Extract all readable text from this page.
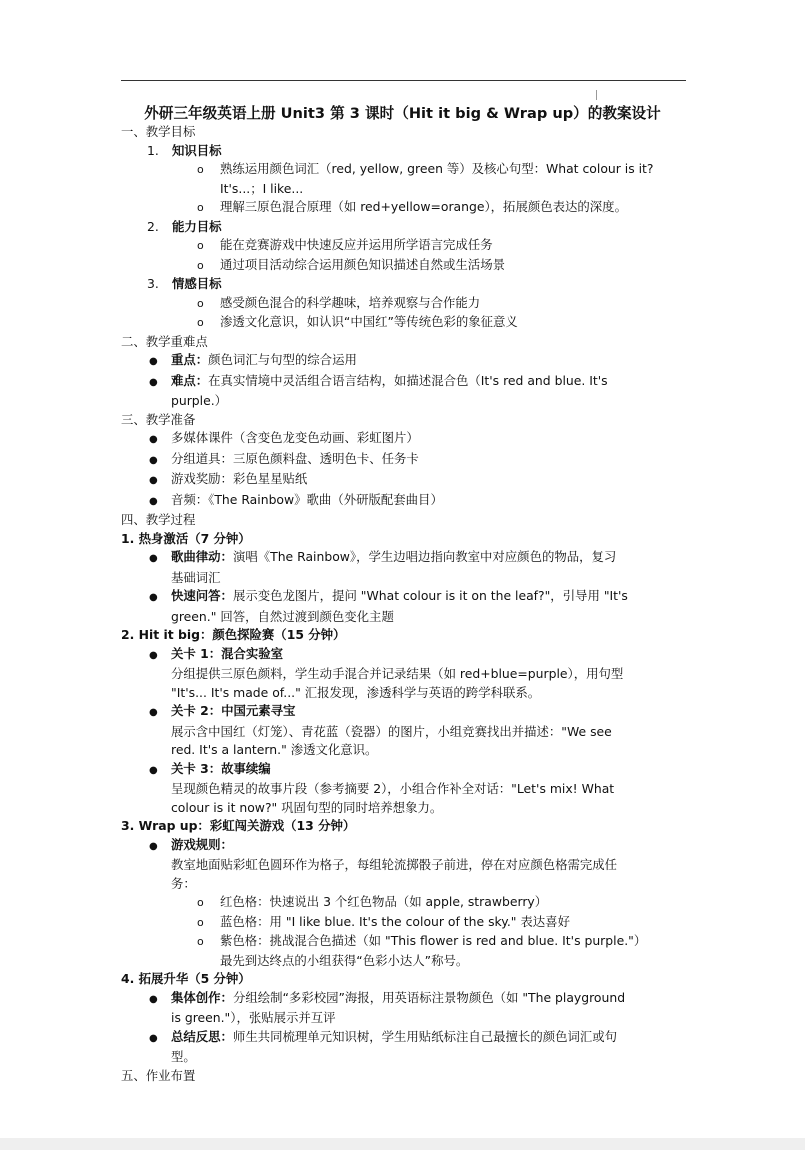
外研三年级英语上册 Unit3 第 3 课时（Hit it big & Wrap up）的教案设计
一、教学目标
1. 知识目标
o 熟练运用颜色词汇（red, yellow, green 等）及核心句型：What colour is it?
It's...；I like...
o 理解三原色混合原理（如 red+yellow=orange），拓展颜色表达的深度。
2. 能力目标
o 能在竞赛游戏中快速反应并运用所学语言完成任务
o 通过项目活动综合运用颜色知识描述自然或生活场景
3. 情感目标
o 感受颜色混合的科学趣味，培养观察与合作能力
o 渗透文化意识，如认识“中国红”等传统色彩的象征意义
二、教学重难点
● 重点：颜色词汇与句型的综合运用
● 难点：在真实情境中灵活组合语言结构，如描述混合色（It's red and blue. It's
purple.）
三、教学准备
● 多媒体课件（含变色龙变色动画、彩虹图片）
● 分组道具：三原色颜料盘、透明色卡、任务卡
● 游戏奖励：彩色星星贴纸
● 音频：《The Rainbow》歌曲（外研版配套曲目）
四、教学过程
1. 热身激活（7 分钟）
● 歌曲律动：演唱《The Rainbow》，学生边唱边指向教室中对应颜色的物品，复习
基础词汇
● 快速问答：展示变色龙图片，提问 "What colour is it on the leaf?"，引导用 "It's
green." 回答，自然过渡到颜色变化主题
2. Hit it big：颜色探险赛（15 分钟）
● 关卡 1：混合实验室
分组提供三原色颜料，学生动手混合并记录结果（如 red+blue=purple），用句型
"It's... It's made of..." 汇报发现，渗透科学与英语的跨学科联系。
● 关卡 2：中国元素寻宝
展示含中国红（灯笼）、青花蓝（瓷器）的图片，小组竞赛找出并描述："We see
red. It's a lantern." 渗透文化意识。
● 关卡 3：故事续编
呈现颜色精灵的故事片段（参考摘要 2），小组合作补全对话："Let's mix! What
colour is it now?" 巩固句型的同时培养想象力。
3. Wrap up：彩虹闯关游戏（13 分钟）
● 游戏规则：
教室地面贴彩虹色圆环作为格子，每组轮流掷骰子前进，停在对应颜色格需完成任
务：
o 红色格：快速说出 3 个红色物品（如 apple, strawberry）
o 蓝色格：用 "I like blue. It's the colour of the sky." 表达喜好
o 紫色格：挑战混合色描述（如 "This flower is red and blue. It's purple."）
最先到达终点的小组获得“色彩小达人”称号。
4. 拓展升华（5 分钟）
● 集体创作：分组绘制“多彩校园”海报，用英语标注景物颜色（如 "The playground
is green."），张贴展示并互评
● 总结反思：师生共同梳理单元知识树，学生用贴纸标注自己最擅长的颜色词汇或句
型。
五、作业布置
